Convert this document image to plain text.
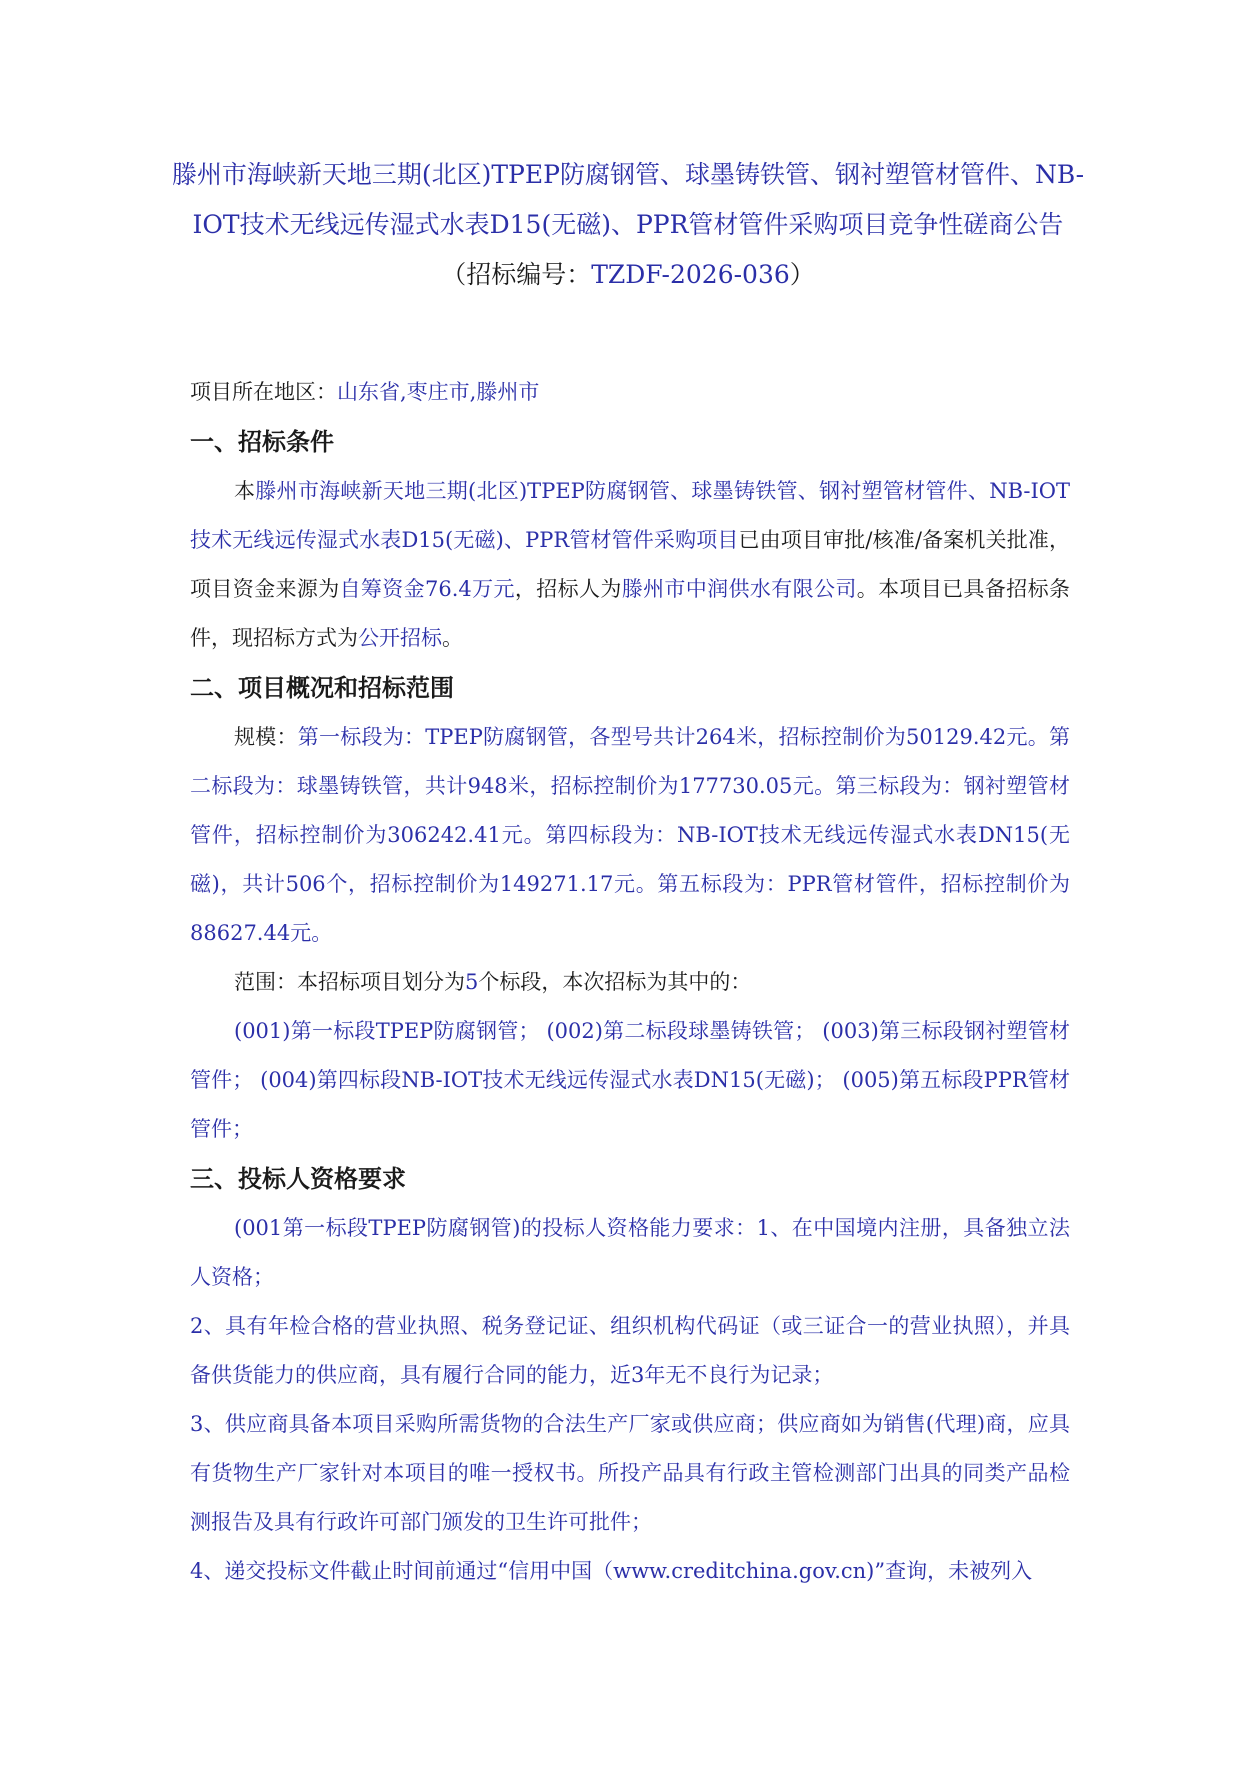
滕州市海峡新天地三期(北区)TPEP防腐钢管、球墨铸铁管、钢衬塑管材管件、NB-
IOT技术无线远传湿式水表D15(无磁)、PPR管材管件采购项目竞争性磋商公告
（招标编号：TZDF-2026-036）

项目所在地区：山东省,枣庄市,滕州市

一、招标条件

本滕州市海峡新天地三期(北区)TPEP防腐钢管、球墨铸铁管、钢衬塑管材管件、NB-IOT技术无线远传湿式水表D15(无磁)、PPR管材管件采购项目已由项目审批/核准/备案机关批准，项目资金来源为自筹资金76.4万元，招标人为滕州市中润供水有限公司。本项目已具备招标条件，现招标方式为公开招标。

二、项目概况和招标范围

规模：第一标段为：TPEP防腐钢管，各型号共计264米，招标控制价为50129.42元。第二标段为：球墨铸铁管，共计948米，招标控制价为177730.05元。第三标段为：钢衬塑管材管件，招标控制价为306242.41元。第四标段为：NB-IOT技术无线远传湿式水表DN15(无磁)，共计506个，招标控制价为149271.17元。第五标段为：PPR管材管件，招标控制价为88627.44元。

范围：本招标项目划分为5个标段，本次招标为其中的：

(001)第一标段TPEP防腐钢管； (002)第二标段球墨铸铁管； (003)第三标段钢衬塑管材管件； (004)第四标段NB-IOT技术无线远传湿式水表DN15(无磁)； (005)第五标段PPR管材管件；

三、投标人资格要求

(001第一标段TPEP防腐钢管)的投标人资格能力要求：1、在中国境内注册，具备独立法人资格；

2、具有年检合格的营业执照、税务登记证、组织机构代码证（或三证合一的营业执照），并具备供货能力的供应商，具有履行合同的能力，近3年无不良行为记录；

3、供应商具备本项目采购所需货物的合法生产厂家或供应商；供应商如为销售(代理)商，应具有货物生产厂家针对本项目的唯一授权书。所投产品具有行政主管检测部门出具的同类产品检测报告及具有行政许可部门颁发的卫生许可批件；

4、递交投标文件截止时间前通过“信用中国（www.creditchina.gov.cn)”查询，未被列入
